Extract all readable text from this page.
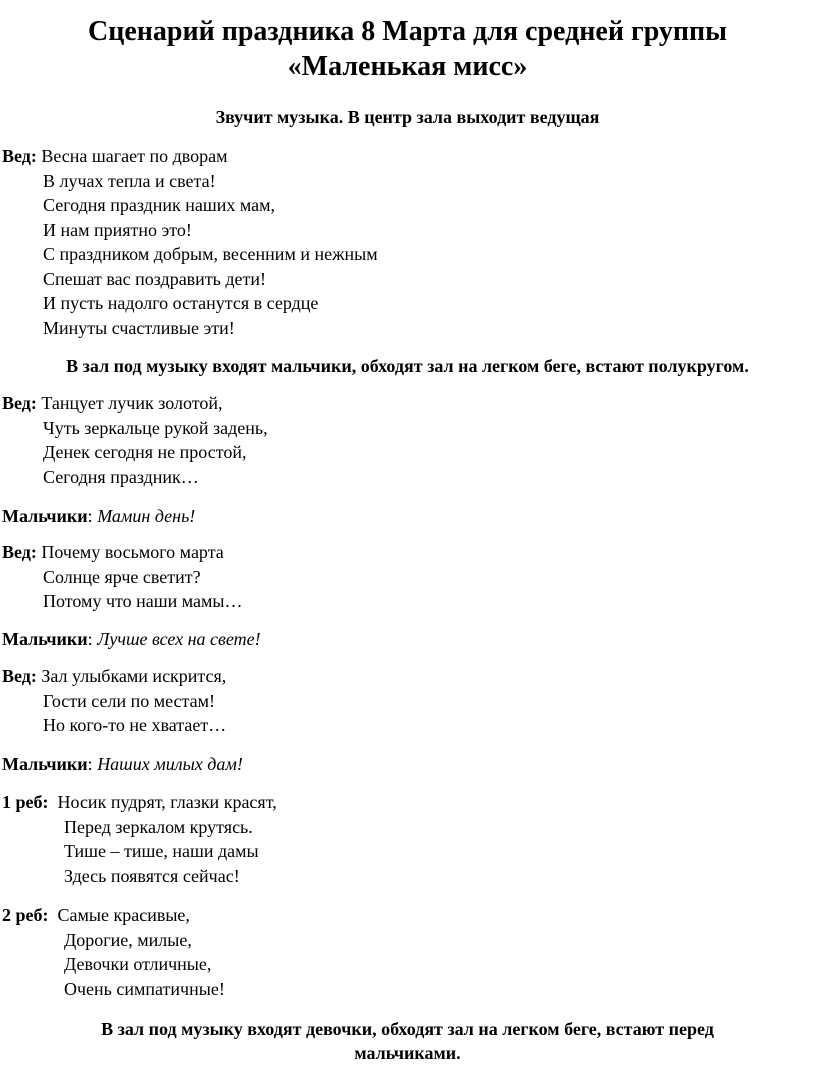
Сценарий праздника 8 Марта для средней группы
«Маленькая мисс»
Звучит музыка. В центр зала выходит ведущая
Вед: Весна шагает по дворам
В лучах тепла и света!
Сегодня праздник наших мам,
И нам приятно это!
С праздником добрым, весенним и нежным
Спешат вас поздравить дети!
И пусть надолго останутся в сердце
Минуты счастливые эти!
В зал под музыку входят мальчики, обходят зал на легком беге, встают полукругом.
Вед: Танцует лучик золотой,
Чуть зеркальце рукой задень,
Денек сегодня не простой,
Сегодня праздник…
Мальчики: Мамин день!
Вед: Почему восьмого марта
Солнце ярче светит?
Потому что наши мамы…
Мальчики: Лучше всех на свете!
Вед: Зал улыбками искрится,
Гости сели по местам!
Но кого-то не хватает…
Мальчики: Наших милых дам!
1 реб: Носик пудрят, глазки красят,
Перед зеркалом крутясь.
Тише – тише, наши дамы
Здесь появятся сейчас!
2 реб: Самые красивые,
Дорогие, милые,
Девочки отличные,
Очень симпатичные!
В зал под музыку входят девочки, обходят зал на легком беге, встают перед
мальчиками.
